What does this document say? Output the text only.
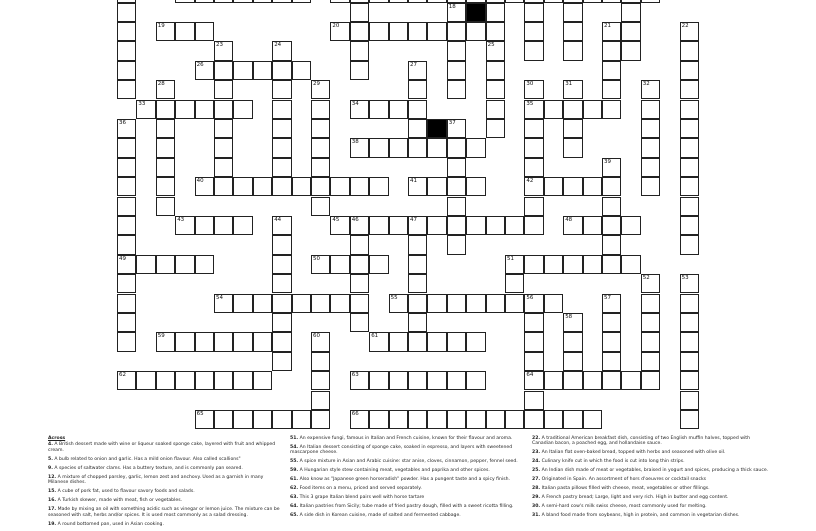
18
19	20	21	22
23	24	25
26	27
28	29	30	31	32
33	34	35
36	37
38
39
40	41	42
43	44	45 46	47	48
49	50	51
52	53
54	55	56	57
58
59	60	61
62	63	64
65	66
Across
4. A British dessert made with wine or liqueur soaked sponge cake, layered with fruit and whipped cream.
5. A bulb related to onion and garlic. Has a mild onion flavour. Also called scallions"
9. A species of saltwater clams. Has a buttery texture, and is commonly pan seared.
12. A mixture of chopped parsley, garlic, lemon zest and anchovy. Used as a garnish in many Milanese dishes.
15. A cube of pork fat, used to flavour savory foods and salads.
16. A Turkish skewer, made with meat, fish or vegetables.
17. Made by mixing an oil with something acidic such as vinegar or lemon juice. The mixture can be seasoned with salt, herbs and/or spices. It is used most commonly as a salad dressing.
19. A round bottomed pan, used in Asian cooking.
51. An expensive fungi, famous in Italian and French cuisine, known for their flavour and aroma.
54. An Italian dessert consisting of sponge cake, soaked in espresso, and layers with sweetened mascarpone cheese.
55. A spice mixture in Asian and Arabic cuisine: star anise, cloves, cinnamon, pepper, fennel seed.
59. A Hungarian style stew containing meat, vegetables and paprika and other spices.
61. Also know as "Japanese green horseradish" powder. Has a pungent taste and a spicy finish.
62. Food items on a menu, priced and served separately.
63. This 3 grape Italian blend pairs well with horse tartare
64. Italian pastries from Sicily; tube made of fried pastry dough, filled with a sweet ricotta filling.
65. A side dish in Korean cuisine, made of salted and fermented cabbage.
22. A traditional American breakfast dish, consisting of two English muffin halves, topped with Canadian bacon, a poached egg, and hollandaise sauce.
23. An Italian flat oven-baked bread, topped with herbs and seasoned with olive oil.
24. Culinary knife cut in which the food is cut into long thin strips.
25. An Indian dish made of meat or vegetables, braised in yogurt and spices, producing a thick sauce.
27. Originated in Spain. An assortment of hors d'oeuvres or cocktail snacks
28. Italian pasta pillows filled with cheese, meat, vegetables or other fillings.
29. A French pastry bread; Large, light and very rich. High in butter and egg content.
30. A semi-hard cow's milk swiss cheese, most commonly used for melting.
31. A bland food made from soybeans, high in protein, and common in vegetarian dishes.
